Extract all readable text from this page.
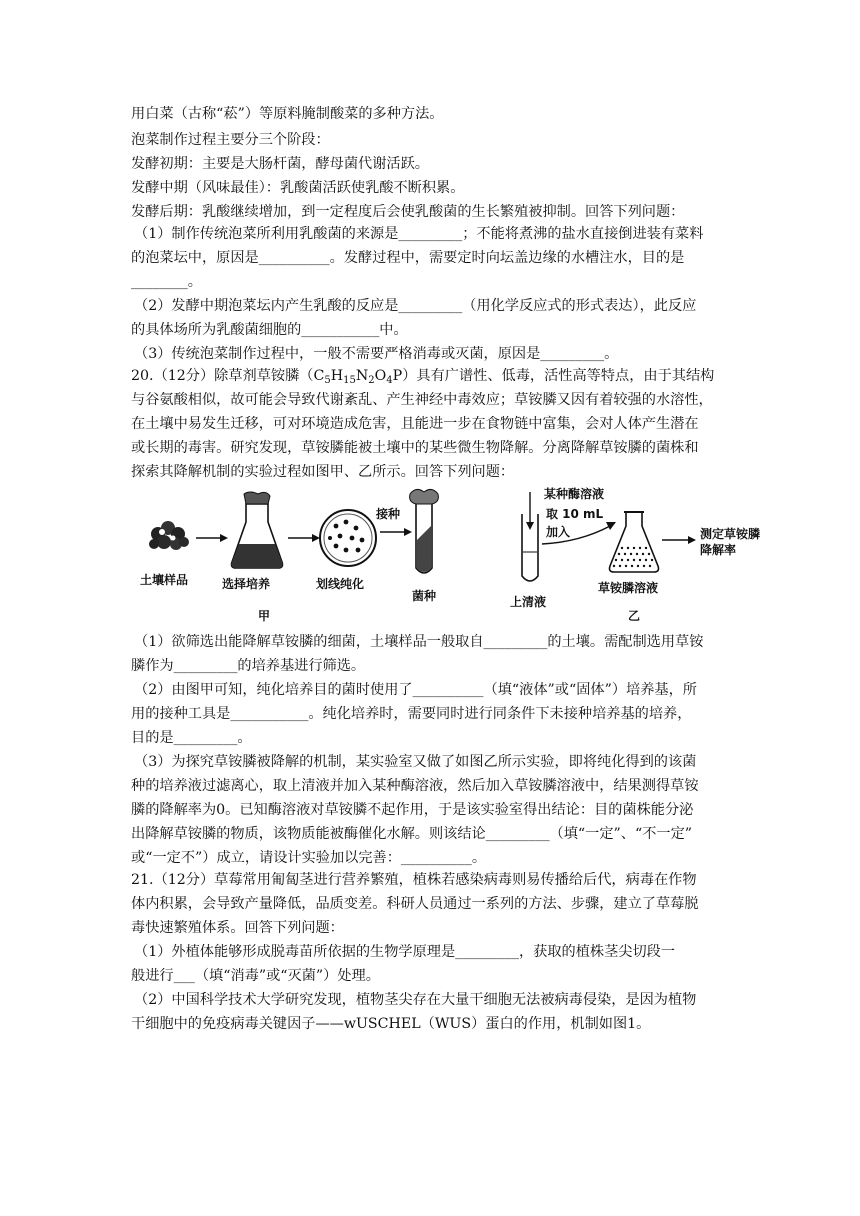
用白菜（古称“菘”）等原料腌制酸菜的多种方法。
泡菜制作过程主要分三个阶段：
发酵初期：主要是大肠杆菌，酵母菌代谢活跃。
发酵中期（风味最佳）：乳酸菌活跃使乳酸不断积累。
发酵后期：乳酸继续增加，到一定程度后会使乳酸菌的生长繁殖被抑制。回答下列问题：
（1）制作传统泡菜所利用乳酸菌的来源是_________；不能将煮沸的盐水直接倒进装有菜料
的泡菜坛中，原因是__________。发酵过程中，需要定时向坛盖边缘的水槽注水，目的是
________。
（2）发酵中期泡菜坛内产生乳酸的反应是_________（用化学反应式的形式表达），此反应
的具体场所为乳酸菌细胞的___________中。
（3）传统泡菜制作过程中，一般不需要严格消毒或灭菌，原因是_________。
20.（12分）除草剂草铵膦$(C_5H_{15}N_2O_4P)$具有广谱性、低毒，活性高等特点，由于其结构
与谷氨酸相似，故可能会导致代谢紊乱、产生神经中毒效应；草铵膦又因有着较强的水溶性，
在土壤中易发生迁移，可对环境造成危害，且能进一步在食物链中富集，会对人体产生潜在
或长期的毒害。研究发现，草铵膦能被土壤中的某些微生物降解。分离降解草铵膦的菌株和
探索其降解机制的实验过程如图甲、乙所示。回答下列问题：
土壤样品	选择培养	划线纯化
接种
菌种
甲
某种酶溶液
取 10 mL
加入
上清液
草铵膦溶液
测定草铵膦
降解率
乙
（1）欲筛选出能降解草铵膦的细菌，土壤样品一般取自_________的土壤。需配制选用草铵
膦作为_________的培养基进行筛选。
（2）由图甲可知，纯化培养目的菌时使用了__________（填“液体”或“固体”）培养基，所
用的接种工具是___________。纯化培养时，需要同时进行同条件下未接种培养基的培养，
目的是_________。
（3）为探究草铵膦被降解的机制，某实验室又做了如图乙所示实验，即将纯化得到的该菌
种的培养液过滤离心，取上清液并加入某种酶溶液，然后加入草铵膦溶液中，结果测得草铵
膦的降解率为0。已知酶溶液对草铵膦不起作用，于是该实验室得出结论：目的菌株能分泌
出降解草铵膦的物质，该物质能被酶催化水解。则该结论_________（填“一定”、“不一定”
或“一定不”）成立，请设计实验加以完善：__________。
21.（12分）草莓常用匍匐茎进行营养繁殖，植株若感染病毒则易传播给后代，病毒在作物
体内积累，会导致产量降低，品质变差。科研人员通过一系列的方法、步骤，建立了草莓脱
毒快速繁殖体系。回答下列问题：
（1）外植体能够形成脱毒苗所依据的生物学原理是_________，获取的植株茎尖切段一
般进行___（填“消毒”或“灭菌”）处理。
（2）中国科学技术大学研究发现，植物茎尖存在大量干细胞无法被病毒侵染，是因为植物
干细胞中的免疫病毒关键因子——wUSCHEL（WUS）蛋白的作用，机制如图1。
